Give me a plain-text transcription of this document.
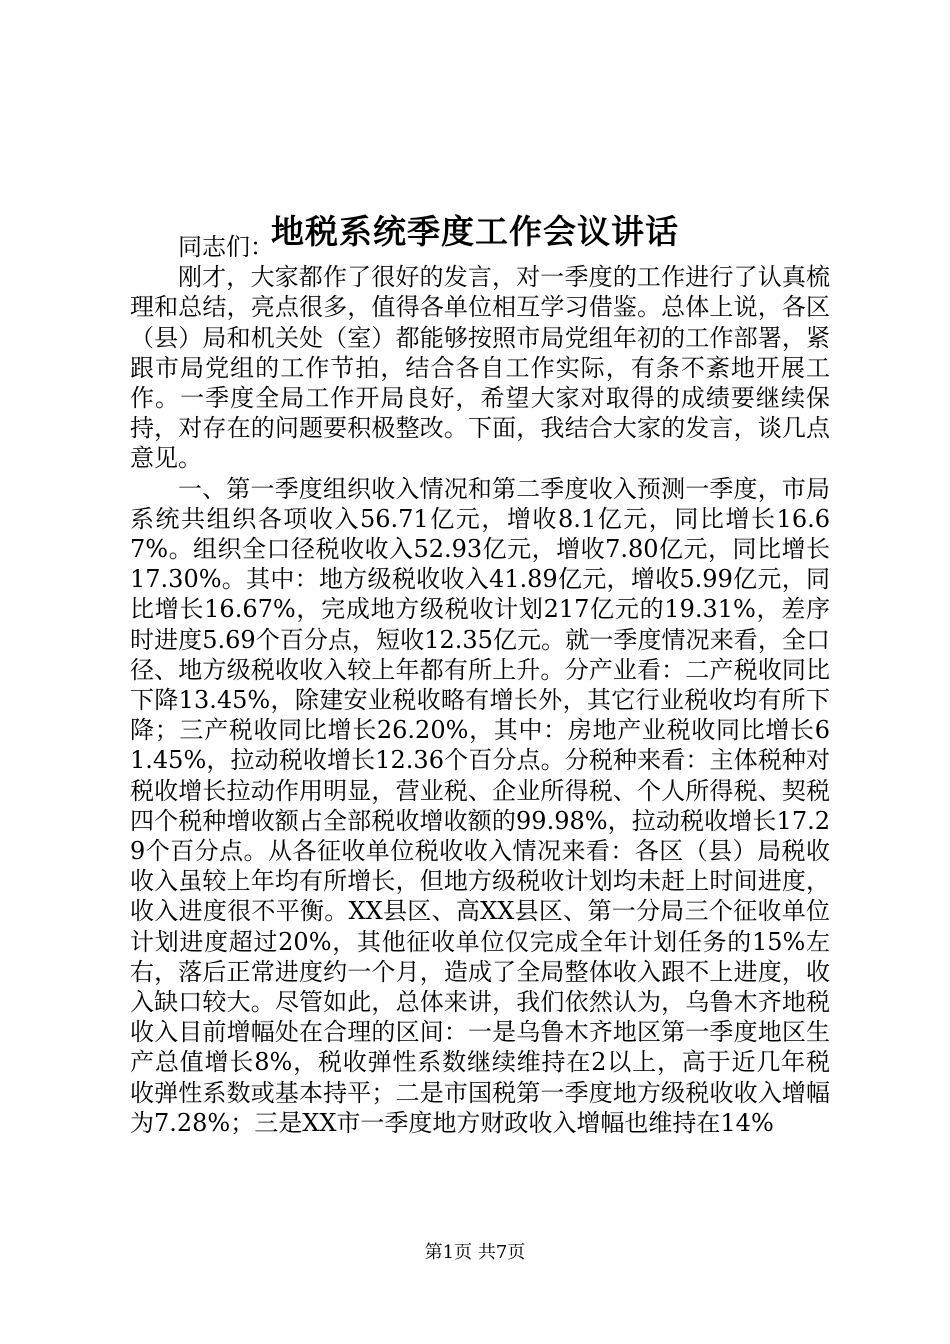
地税系统季度工作会议讲话

同志们：

刚才，大家都作了很好的发言，对一季度的工作进行了认真梳理和总结，亮点很多，值得各单位相互学习借鉴。总体上说，各区（县）局和机关处（室）都能够按照市局党组年初的工作部署，紧跟市局党组的工作节拍，结合各自工作实际，有条不紊地开展工作。一季度全局工作开局良好，希望大家对取得的成绩要继续保持，对存在的问题要积极整改。下面，我结合大家的发言，谈几点意见。

一、第一季度组织收入情况和第二季度收入预测一季度，市局系统共组织各项收入56.71亿元，增收8.1亿元，同比增长16.67%。组织全口径税收收入52.93亿元，增收7.80亿元，同比增长17.30%。其中：地方级税收收入41.89亿元，增收5.99亿元，同比增长16.67%，完成地方级税收计划217亿元的19.31%，差序时进度5.69个百分点，短收12.35亿元。就一季度情况来看，全口径、地方级税收收入较上年都有所上升。分产业看：二产税收同比下降13.45%，除建安业税收略有增长外，其它行业税收均有所下降；三产税收同比增长26.20%，其中：房地产业税收同比增长61.45%，拉动税收增长12.36个百分点。分税种来看：主体税种对税收增长拉动作用明显，营业税、企业所得税、个人所得税、契税四个税种增收额占全部税收增收额的99.98%，拉动税收增长17.29个百分点。从各征收单位税收收入情况来看：各区（县）局税收收入虽较上年均有所增长，但地方级税收计划均未赶上时间进度，收入进度很不平衡。XX县区、高XX县区、第一分局三个征收单位计划进度超过20%，其他征收单位仅完成全年计划任务的15%左右，落后正常进度约一个月，造成了全局整体收入跟不上进度，收入缺口较大。尽管如此，总体来讲，我们依然认为，乌鲁木齐地税收入目前增幅处在合理的区间：一是乌鲁木齐地区第一季度地区生产总值增长8%，税收弹性系数继续维持在2以上，高于近几年税收弹性系数或基本持平；二是市国税第一季度地方级税收收入增幅为7.28%；三是XX市一季度地方财政收入增幅也维持在14%

第1页 共7页
